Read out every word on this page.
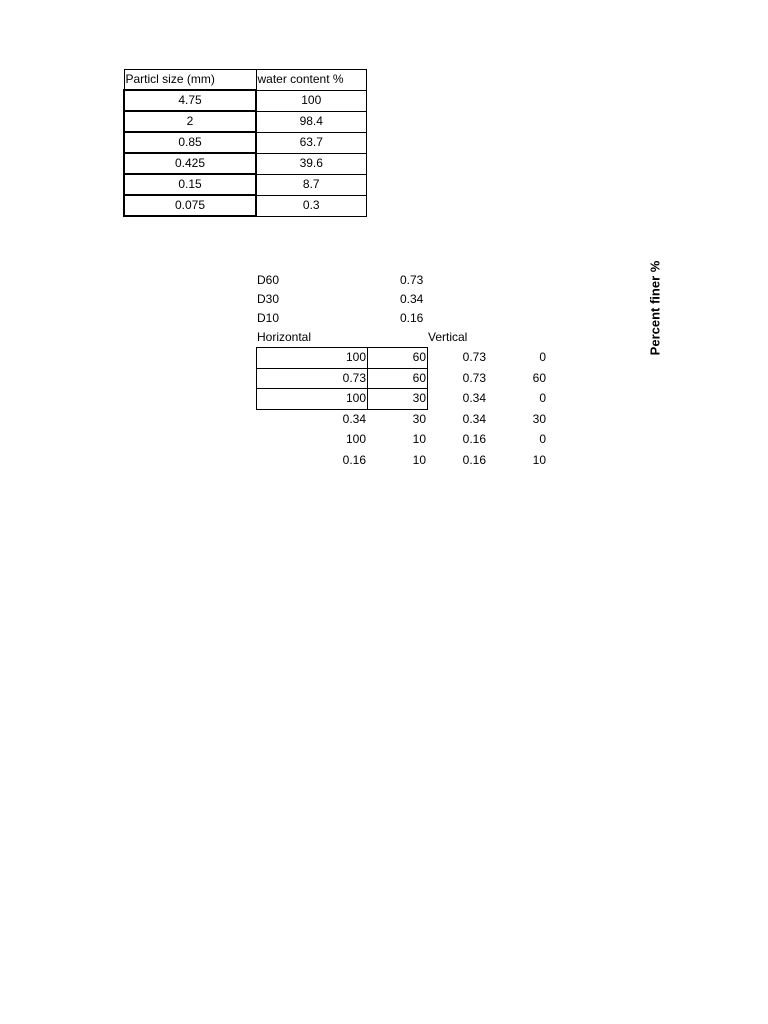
Particl size (mm)	water content %
4.75	100
2	98.4
0.85	63.7
0.425	39.6
0.15	8.7
0.075	0.3
D60	0.73
D30	0.34
D10	0.16
Horizontal	Vertical
100	60	0.73	0
0.73	60	0.73	60
100	30	0.34	0
0.34	30	0.34	30
100	10	0.16	0
0.16	10	0.16	10
Percent finer %
